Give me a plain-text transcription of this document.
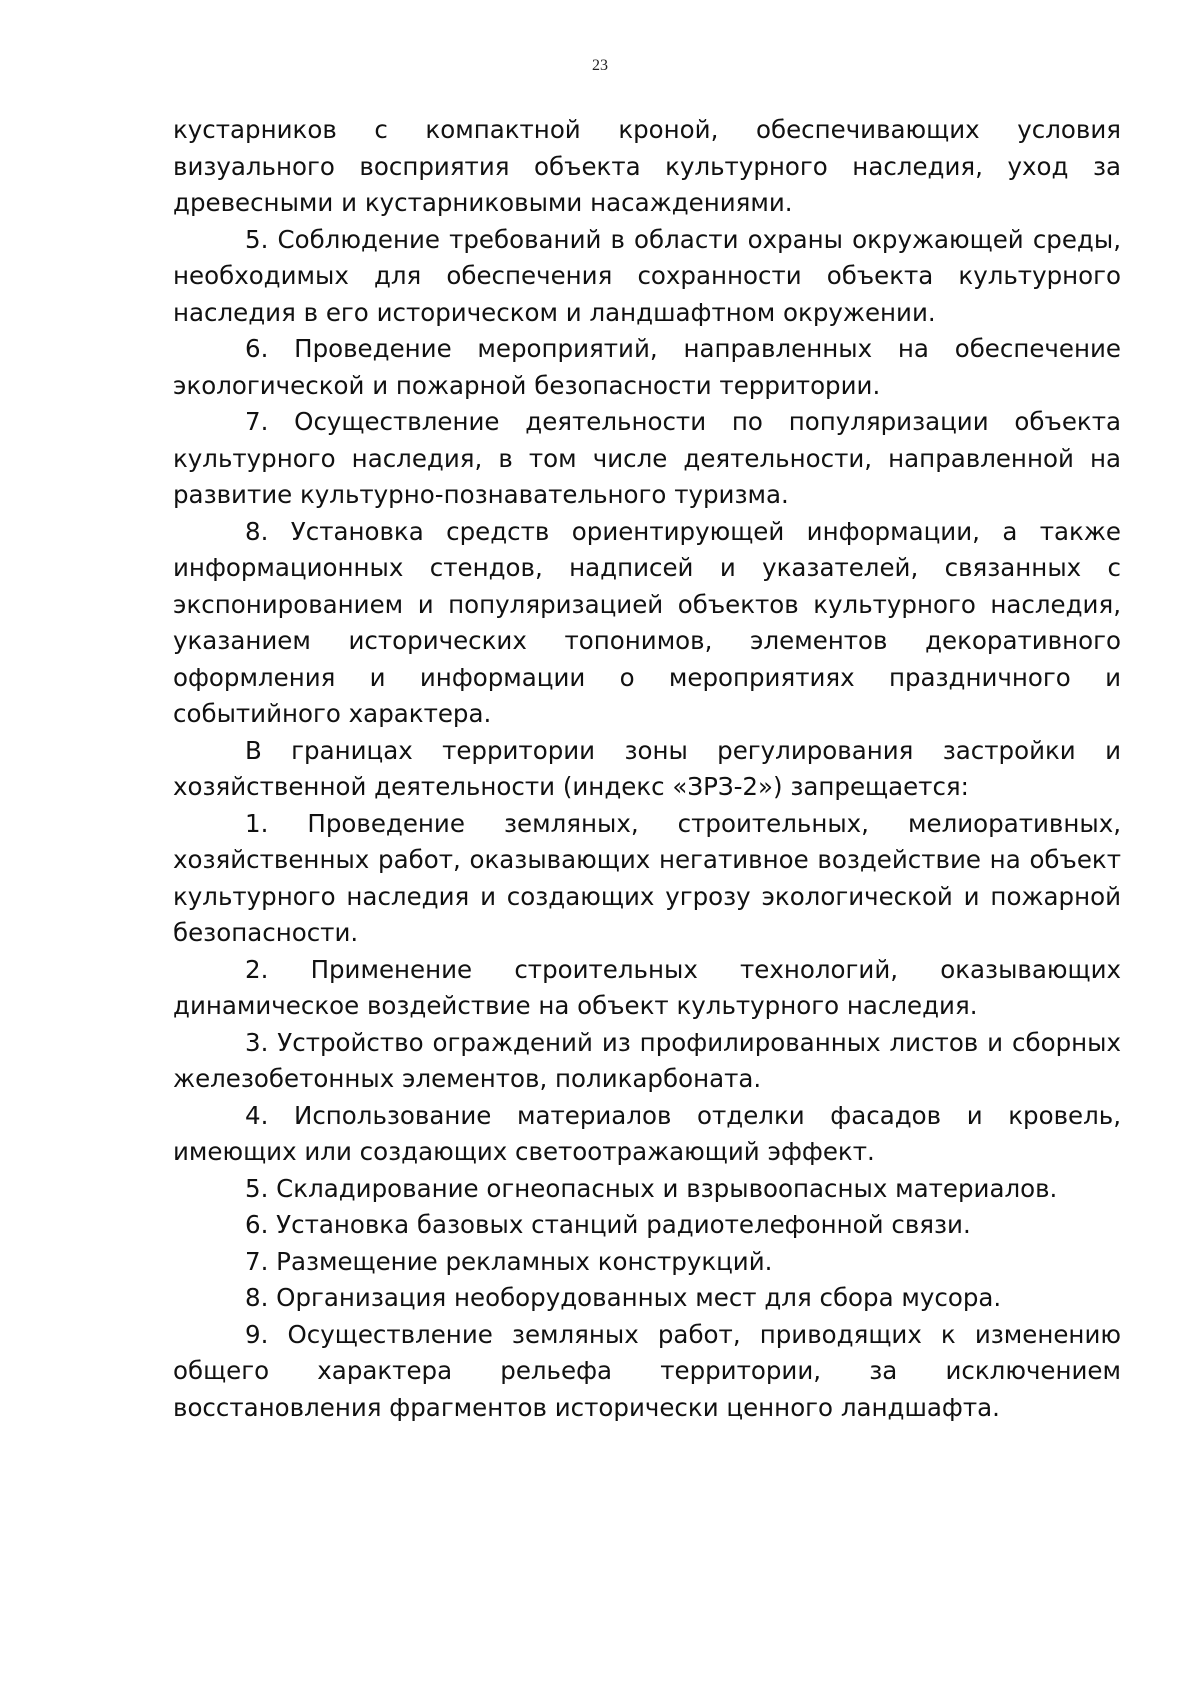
23

кустарников с компактной кроной, обеспечивающих условия визуального восприятия объекта культурного наследия, уход за древесными и кустарниковыми насаждениями.

5. Соблюдение требований в области охраны окружающей среды, необходимых для обеспечения сохранности объекта культурного наследия в его историческом и ландшафтном окружении.

6. Проведение мероприятий, направленных на обеспечение экологической и пожарной безопасности территории.

7. Осуществление деятельности по популяризации объекта культурного наследия, в том числе деятельности, направленной на развитие культурно-познавательного туризма.

8. Установка средств ориентирующей информации, а также информационных стендов, надписей и указателей, связанных с экспонированием и популяризацией объектов культурного наследия, указанием исторических топонимов, элементов декоративного оформления и информации о мероприятиях праздничного и событийного характера.

В границах территории зоны регулирования застройки и хозяйственной деятельности (индекс «ЗРЗ-2») запрещается:

1. Проведение земляных, строительных, мелиоративных, хозяйственных работ, оказывающих негативное воздействие на объект культурного наследия и создающих угрозу экологической и пожарной безопасности.

2. Применение строительных технологий, оказывающих динамическое воздействие на объект культурного наследия.

3. Устройство ограждений из профилированных листов и сборных железобетонных элементов, поликарбоната.

4. Использование материалов отделки фасадов и кровель, имеющих или создающих светоотражающий эффект.

5. Складирование огнеопасных и взрывоопасных материалов.

6. Установка базовых станций радиотелефонной связи.

7. Размещение рекламных конструкций.

8. Организация необорудованных мест для сбора мусора.

9. Осуществление земляных работ, приводящих к изменению общего характера рельефа территории, за исключением восстановления фрагментов исторически ценного ландшафта.
